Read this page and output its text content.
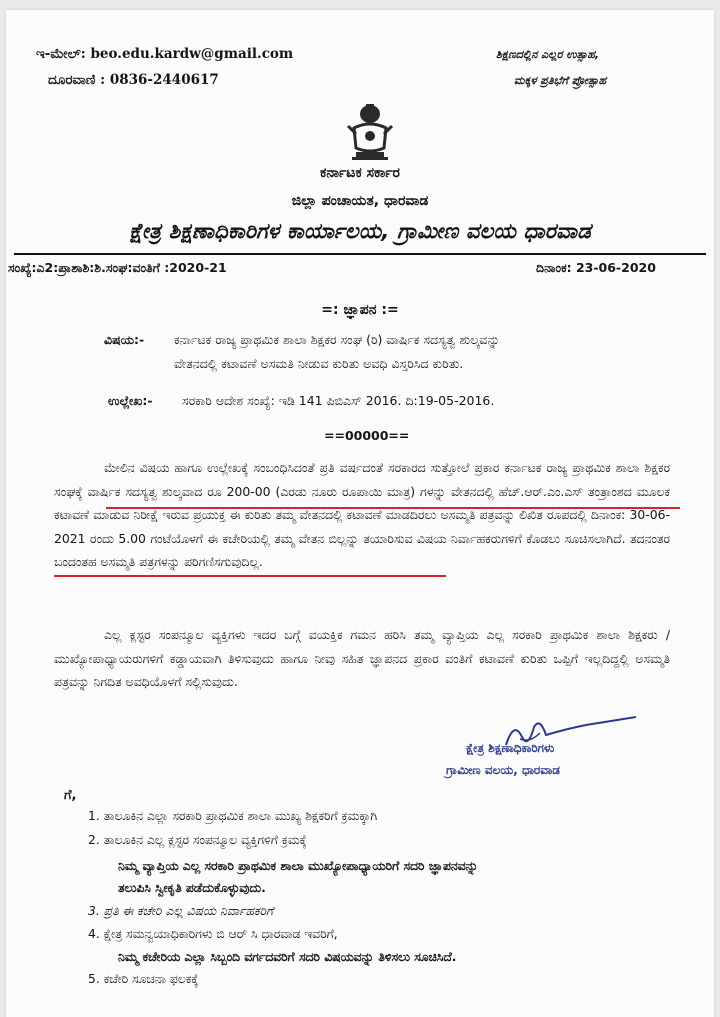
ಇ-ಮೇಲ್: beo.edu.kardw@gmail.com
ದೂರವಾಣಿ : 0836-2440617
ಶಿಕ್ಷಣದಲ್ಲಿನ ಎಲ್ಲರ ಉತ್ಸಾಹ,
ಮಕ್ಕಳ ಪ್ರತಿಭೆಗೆ ಪ್ರೋತ್ಸಾಹ
ಕರ್ನಾಟಕ ಸರ್ಕಾರ
ಜಿಲ್ಲಾ ಪಂಚಾಯತ, ಧಾರವಾಡ
ಕ್ಷೇತ್ರ ಶಿಕ್ಷಣಾಧಿಕಾರಿಗಳ ಕಾರ್ಯಾಲಯ, ಗ್ರಾಮೀಣ ವಲಯ ಧಾರವಾಡ
ಸಂಖ್ಯೆ:ಎ2:ಪ್ರಾಶಾಶಿ:ಶಿ.ಸಂಘ:ವಂತಿಗೆ :2020-21	ದಿನಾಂಕ: 23-06-2020
=: ಜ್ಞಾಪನ :=
ವಿಷಯ:- ಕರ್ನಾಟಕ ರಾಜ್ಯ ಪ್ರಾಥಮಿಕ ಶಾಲಾ ಶಿಕ್ಷಕರ ಸಂಘ (ರಿ) ವಾರ್ಷಿಕ ಸದಸ್ಯತ್ವ ಶುಲ್ಕವನ್ನು
ವೇತನದಲ್ಲಿ ಕಟಾವಣೆ ಅಸಮತಿ ನೀಡುವ ಕುರಿತು ಅವಧಿ ವಿಸ್ತರಿಸಿದ ಕುರಿತು.
ಉಲ್ಲೇಖ:- ಸರಕಾರಿ ಆದೇಶ ಸಂಖ್ಯೆ: ಇಡಿ 141 ಪಿಬಿಎಸ್ 2016. ದಿ:19-05-2016.
==00000==
ಮೇಲಿನ ವಿಷಯ ಹಾಗೂ ಉಲ್ಲೇಖಕ್ಕೆ ಸಂಬಂಧಿಸಿದಂತೆ ಪ್ರತಿ ವರ್ಷದಂತೆ ಸರಕಾರದ ಸುತ್ತೋಲೆ ಪ್ರಕಾರ ಕರ್ನಾಟಕ ರಾಜ್ಯ ಪ್ರಾಥಮಿಕ ಶಾಲಾ ಶಿಕ್ಷಕರ ಸಂಘಕ್ಕೆ ವಾರ್ಷಿಕ ಸದಸ್ಯತ್ವ ಶುಲ್ಕವಾದ ರೂ 200-00 (ಎರಡು ನೂರು ರೂಪಾಯಿ ಮಾತ್ರ) ಗಳನ್ನು ವೇತನದಲ್ಲಿ ಹೆಚ್.ಆರ್.ಎಂ.ಎಸ್ ತಂತ್ರಾಂಶದ ಮೂಲಕ ಕಟಾವಣೆ ಮಾಡುವ ನಿರೀಕ್ಷೆ ಇರುವ ಪ್ರಯುಕ್ತ ಈ ಕುರಿತು ತಮ್ಮ ವೇತನದಲ್ಲಿ ಕಟಾವಣೆ ಮಾಡದಿರಲು ಅಸಮ್ಮತಿ ಪತ್ರವನ್ನು ಲಿಖಿತ ರೂಪದಲ್ಲಿ ದಿನಾಂಕ: 30-06-2021 ರಂದು 5.00 ಗಂಟೆಯೊಳಗೆ ಈ ಕಚೇರಿಯಲ್ಲಿ ತಮ್ಮ ವೇತನ ಬಿಲ್ಲನ್ನು ತಯಾರಿಸುವ ವಿಷಯ ನಿರ್ವಾಹಕರುಗಳಿಗೆ ಕೊಡಲು ಸೂಚಿಸಲಾಗಿದೆ. ತದನಂತರ ಬಂದಂತಹ ಅಸಮ್ಮತಿ ಪತ್ರಗಳನ್ನು ಪರಿಗಣಿಸಗುವುದಿಲ್ಲ.
ಎಲ್ಲ ಕ್ಲಸ್ಟರ ಸಂಪನ್ಮೂಲ ವ್ಯಕ್ತಿಗಳು ಇದರ ಬಗ್ಗೆ ವಯಕ್ತಿಕ ಗಮನ ಹರಿಸಿ ತಮ್ಮ ವ್ಯಾಪ್ತಿಯ ಎಲ್ಲ ಸರಕಾರಿ ಪ್ರಾಥಮಿಕ ಶಾಲಾ ಶಿಕ್ಷಕರು / ಮುಖ್ಯೋಪಾಧ್ಯಾಯರುಗಳಿಗೆ ಕಡ್ಡಾಯವಾಗಿ ತಿಳಿಸುವುದು ಹಾಗೂ ನೀವು ಸಹಿತ ಜ್ಞಾಪನದ ಪ್ರಕಾರ ವಂತಿಗೆ ಕಟಾವಣೆ ಕುರಿತು ಒಪ್ಪಿಗೆ ಇಲ್ಲದಿದ್ದಲ್ಲಿ ಅಸಮ್ಮತಿ ಪತ್ರವನ್ನು ನಿಗದಿತ ಅವಧಿಯೊಳಗೆ ಸಲ್ಲಿಸುವುದು.
ಕ್ಷೇತ್ರ ಶಿಕ್ಷಣಾಧಿಕಾರಿಗಳು
ಗ್ರಾಮೀಣ ವಲಯ, ಧಾರವಾಡ
ಗೆ,
1. ತಾಲೂಕಿನ ಎಲ್ಲಾ ಸರಕಾರಿ ಪ್ರಾಥಮಿಕ ಶಾಲಾ ಮುಖ್ಯ ಶಿಕ್ಷಕರಿಗೆ ಕ್ರಮಕ್ಕಾಗಿ
2. ತಾಲೂಕಿನ ಎಲ್ಲ ಕ್ಲಸ್ಟರ ಸಂಪನ್ಮೂಲ ವ್ಯಕ್ತಿಗಳಿಗೆ ಕ್ರಮಕ್ಕೆ
ನಿಮ್ಮ ವ್ಯಾಪ್ತಿಯ ಎಲ್ಲ ಸರಕಾರಿ ಪ್ರಾಥಮಿಕ ಶಾಲಾ ಮುಖ್ಯೋಪಾಧ್ಯಾಯರಿಗೆ ಸದರಿ ಜ್ಞಾಪನವನ್ನು
ತಲುಪಿಸಿ ಸ್ವೀಕೃತಿ ಪಡೆದುಕೊಳ್ಳುವುದು.
3. ಪ್ರತಿ ಈ ಕಚೇರಿ ಎಲ್ಲ ವಿಷಯ ನಿರ್ವಾಹಕರಿಗೆ
4. ಕ್ಷೇತ್ರ ಸಮನ್ವಯಾಧಿಕಾರಿಗಳು ಬಿ ಆರ್ ಸಿ ಧಾರವಾಡ ಇವರಿಗೆ,
ನಿಮ್ಮ ಕಚೇರಿಯ ಎಲ್ಲಾ ಸಿಬ್ಬಂದಿ ವರ್ಗದವರಿಗೆ ಸದರಿ ವಿಷಯವನ್ನು ತಿಳಿಸಲು ಸೂಚಿಸಿದೆ.
5. ಕಚೇರಿ ಸೂಚನಾ ಫಲಕಕ್ಕೆ
